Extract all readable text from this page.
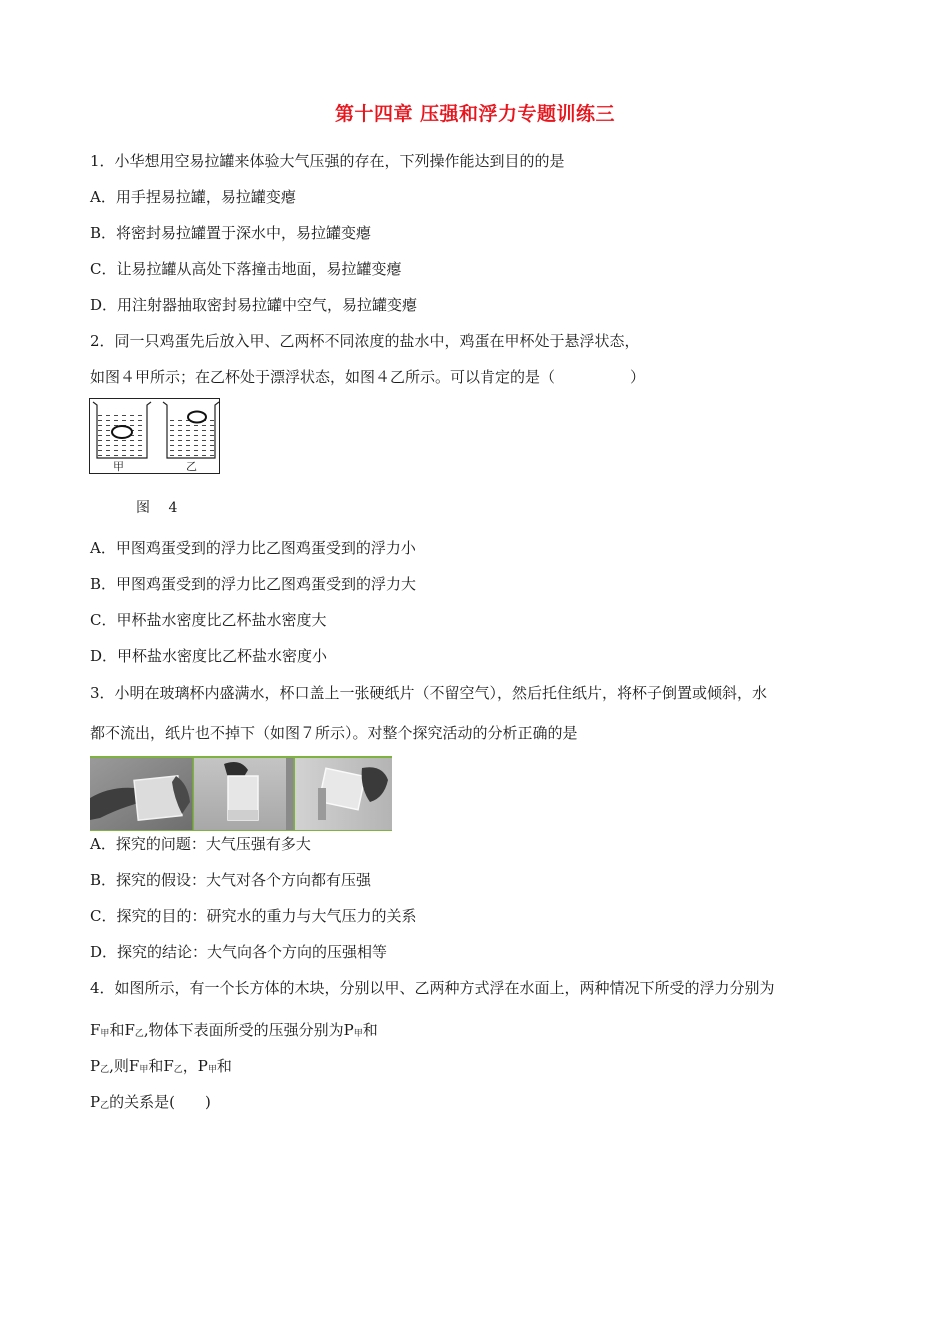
第十四章 压强和浮力专题训练三
1．小华想用空易拉罐来体验大气压强的存在，下列操作能达到目的的是
A．用手捏易拉罐，易拉罐变瘪
B．将密封易拉罐置于深水中，易拉罐变瘪
C．让易拉罐从高处下落撞击地面，易拉罐变瘪
D．用注射器抽取密封易拉罐中空气，易拉罐变瘪
2．同一只鸡蛋先后放入甲、乙两杯不同浓度的盐水中，鸡蛋在甲杯处于悬浮状态，
如图４甲所示；在乙杯处于漂浮状态，如图４乙所示。可以肯定的是（　　　　　）
甲	乙
图　 4
A．甲图鸡蛋受到的浮力比乙图鸡蛋受到的浮力小
B．甲图鸡蛋受到的浮力比乙图鸡蛋受到的浮力大
C．甲杯盐水密度比乙杯盐水密度大
D．甲杯盐水密度比乙杯盐水密度小
3．小明在玻璃杯内盛满水，杯口盖上一张硬纸片（不留空气），然后托住纸片，将杯子倒置或倾斜，水
都不流出，纸片也不掉下（如图７所示）。对整个探究活动的分析正确的是
A．探究的问题：大气压强有多大
B．探究的假设：大气对各个方向都有压强
C．探究的目的：研究水的重力与大气压力的关系
D．探究的结论：大气向各个方向的压强相等
4．如图所示，有一个长方体的木块，分别以甲、乙两种方式浮在水面上，两种情况下所受的浮力分别为
F甲和F乙,物体下表面所受的压强分别为P甲和
P乙,则F甲和F乙，P甲和
P乙的关系是(　　)
